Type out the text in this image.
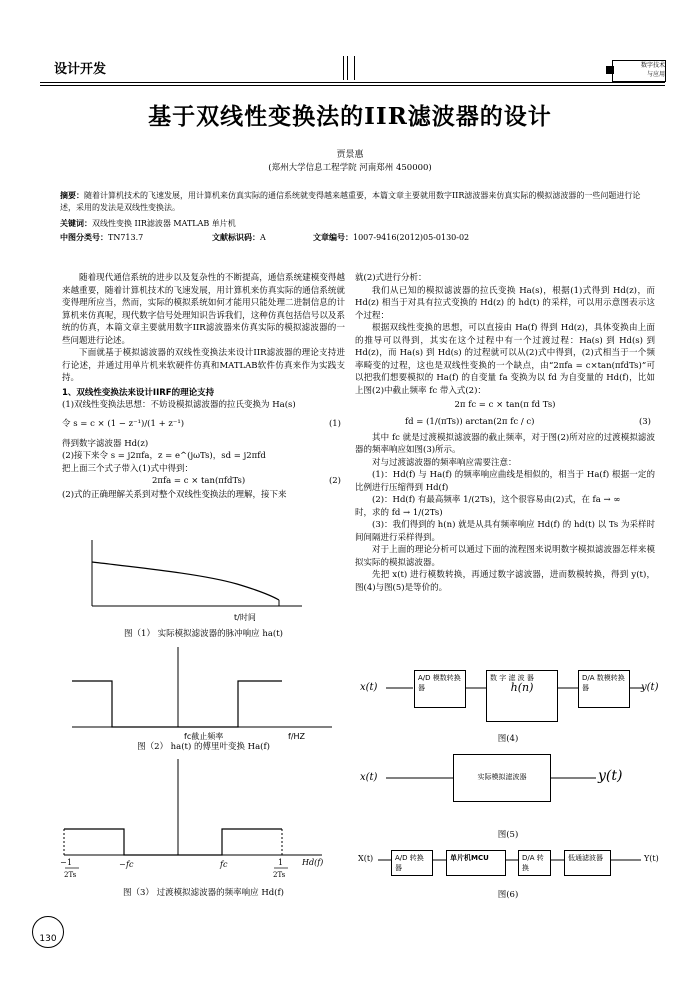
设计开发	数字技术
与应用
基于双线性变换法的IIR滤波器的设计
贾景惠
(郑州大学信息工程学院 河南郑州 450000)
摘要：随着计算机技术的飞速发展，用计算机来仿真实际的通信系统就变得越来越重要，本篇文章主要就用数字IIR滤波器来仿真实际的模拟滤波器的一些问题进行论述，采用的发法是双线性变换法。
关键词：双线性变换 IIR滤波器 MATLAB 单片机
中图分类号：TN713.7	文献标识码：A	文章编号：1007-9416(2012)05-0130-02

随着现代通信系统的进步以及复杂性的不断提高，通信系统建模变得越来越重要，随着计算机技术的飞速发展，用计算机来仿真实际的通信系统就变得理所应当，然而，实际的模拟系统如何才能用只能处理二进制信息的计算机来仿真呢，现代数字信号处理知识告诉我们，这种仿真包括信号以及系统的仿真，本篇文章主要就用数字IIR滤波器来仿真实际的模拟滤波器的一些问题进行论述。

下面就基于模拟滤波器的双线性变换法来设计IIR滤波器的理论支持进行论述，并通过用单片机来软硬件仿真和MATLAB软件仿真来作为实践支持。

1、双线性变换法来设计IIRF的理论支持
(1)双线性变换法思想：不妨设模拟滤波器的拉氏变换为 Ha(s)
令 s = c × (1 − z⁻¹)/(1 + z⁻¹)	(1)
得到数字滤波器 Hd(z)
(2)接下来令 s = j2πfa，z = e^(jωTs)，sd = j2πfd
把上面三个式子带入(1)式中得到：
2πfa = c × tan(πfdTs)	(2)
(2)式的正确理解关系到对整个双线性变换法的理解，接下来
t/时间
图（1） 实际模拟滤波器的脉冲响应 ha(t)
fc截止频率	f/HZ
图（2） ha(t) 的傅里叶变换 Ha(f)
− 1
2Ts
− fc	fc	1
2Ts
Hd(f)
图（3） 过渡模拟滤波器的频率响应 Hd(f)
就(2)式进行分析：

我们从已知的模拟滤波器的拉氏变换 Ha(s)，根据(1)式得到 Hd(z)，而 Hd(z) 相当于对具有拉式变换的 Hd(z) 的 hd(t) 的采样，可以用示意图表示这个过程：

根据双线性变换的思想，可以直接由 Ha(f) 得到 Hd(z)，具体变换由上面的推导可以得到，其实在这个过程中有一个过渡过程：Ha(s) 到 Hd(s) 到 Hd(z)，而 Ha(s) 到 Hd(s) 的过程就可以从(2)式中得到，(2)式相当于一个频率畸变的过程，这也是双线性变换的一个缺点，由“2πfa = c×tan(πfdTs)”可以把我们想要模拟的 Ha(f) 的自变量 fa 变换为以 fd 为自变量的 Hd(f)，比如上图(2)中截止频率 fc 带入式(2)：

2π fc = c × tan(π fd Ts)
fd = (1/(πTs)) arctan(2π fc / c)	(3)

其中 fc 就是过渡模拟滤波器的截止频率，对于图(2)所对应的过渡模拟滤波器的频率响应如图(3)所示。

对与过渡滤波器的频率响应需要注意：

(1)：Hd(f) 与 Ha(f) 的频率响应曲线是相似的，相当于 Ha(f) 根据一定的比例进行压缩得到 Hd(f)

(2)：Hd(f) 有最高频率 1/(2Ts)，这个很容易由(2)式，在 fa → ∞

时，求的 fd → 1/(2Ts)

(3)：我们得到的 h(n) 就是从具有频率响应 Hd(f) 的 hd(t) 以 Ts 为采样时间间隔进行采样得到。

对于上面的理论分析可以通过下面的流程图来说明数字模拟滤波器怎样来模拟实际的模拟滤波器。

先把 x(t) 进行模数转换，再通过数字滤波器，进而数模转换，得到 y(t)，图(4)与图(5)是等价的。

x(t)
A/D 模数转换器
数 字 滤 波 器
h(n)
D/A 数模转换器	y(t)
图(4)
x(t)	实际模拟滤波器	y(t)
图(5)
X(t)	A/D 转换器
单片机MCU	D/A 转 换
低通滤波器	Y(t)
图(6)
130
